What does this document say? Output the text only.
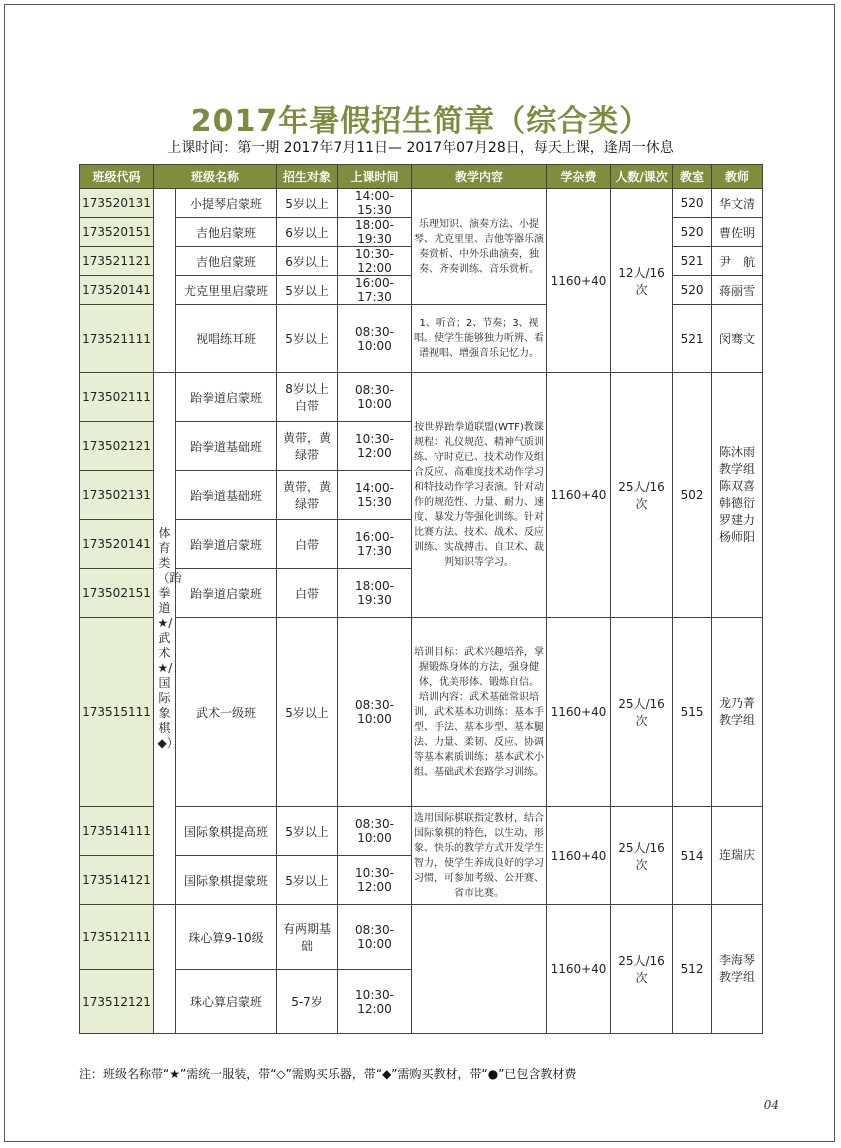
2017年暑假招生简章（综合类）
上课时间：第一期 2017年7月11日— 2017年07月28日，每天上课，逢周一休息
班级代码	班级名称		招生对象	上课时间	教学内容	学杂费	人数/课次	教室	教师
173520131		小提琴启蒙班	5岁以上	14:00-15:30	乐理知识、演奏方法、小提琴、尤克里里、吉他等器乐演奏赏析、中外乐曲演奏，独奏、齐奏训练、音乐赏析。	1160+40	12人/16次	520	华文清
173520151		吉他启蒙班	6岁以上	18:00-19:30				520	曹佐明
173521121		吉他启蒙班	6岁以上	10:30-12:00				521	尹　航
173520141		尤克里里启蒙班	5岁以上	16:00-17:30				520	蒋丽雪
173521111		视唱练耳班	5岁以上	08:30-10:00	1、听音；2、节奏；3、视唱。使学生能够独力听辨、看谱视唱、增强音乐记忆力。			521	闵骞文
173502111	体育类（跆拳道★/武术★/国际象棋◆）	跆拳道启蒙班	8岁以上 白带	08:30-10:00	按世界跆拳道联盟(WTF)教课规程：礼仪规范、精神气质训练、守时克已、技术动作及组合反应、高难度技术动作学习和特技动作学习表演。针对动作的规范性、力量、耐力、速度、暴发力等强化训练。针对比赛方法、技术、战术、反应训练、实战搏击、自卫术、裁判知识等学习。	1160+40	25人/16次	502	陈沐雨教学组 陈双喜 韩德衍 罗建力 杨师阳
173502121		跆拳道基础班	黄带，黄绿带	10:30-12:00					
173502131		跆拳道基础班	黄带，黄绿带	14:00-15:30					
173520141		跆拳道启蒙班	白带	16:00-17:30					
173502151		跆拳道启蒙班	白带	18:00-19:30					
173515111		武术一级班	5岁以上	08:30-10:00	培训目标：武术兴趣培养，掌握锻炼身体的方法，强身健体，优美形体、锻炼自信。 培训内容：武术基础常识培训，武术基本功训练：基本手型、手法、基本步型、基本腿法、力量、柔韧、反应、协调等基本素质训练；基本武术小组、基础武术套路学习训练。	1160+40	25人/16次	515	龙乃菁教学组
173514111		国际象棋提高班	5岁以上	08:30-10:00	选用国际棋联指定教材，结合国际象棋的特色，以生动、形象、快乐的教学方式开发学生智力，使学生养成良好的学习习惯，可参加考级、公开赛、省市比赛。	1160+40	25人/16次	514	连瑞庆
173514121		国际象棋提蒙班	5岁以上	10:30-12:00					
173512111		珠心算9-10级	有两期基础	08:30-10:00		1160+40	25人/16次	512	李海琴教学组
173512121		珠心算启蒙班	5-7岁	10:30-12:00					
注：班级名称带“★”需统一服装，带“◇”需购买乐器，带“◆”需购买教材，带“●”已包含教材费
04
